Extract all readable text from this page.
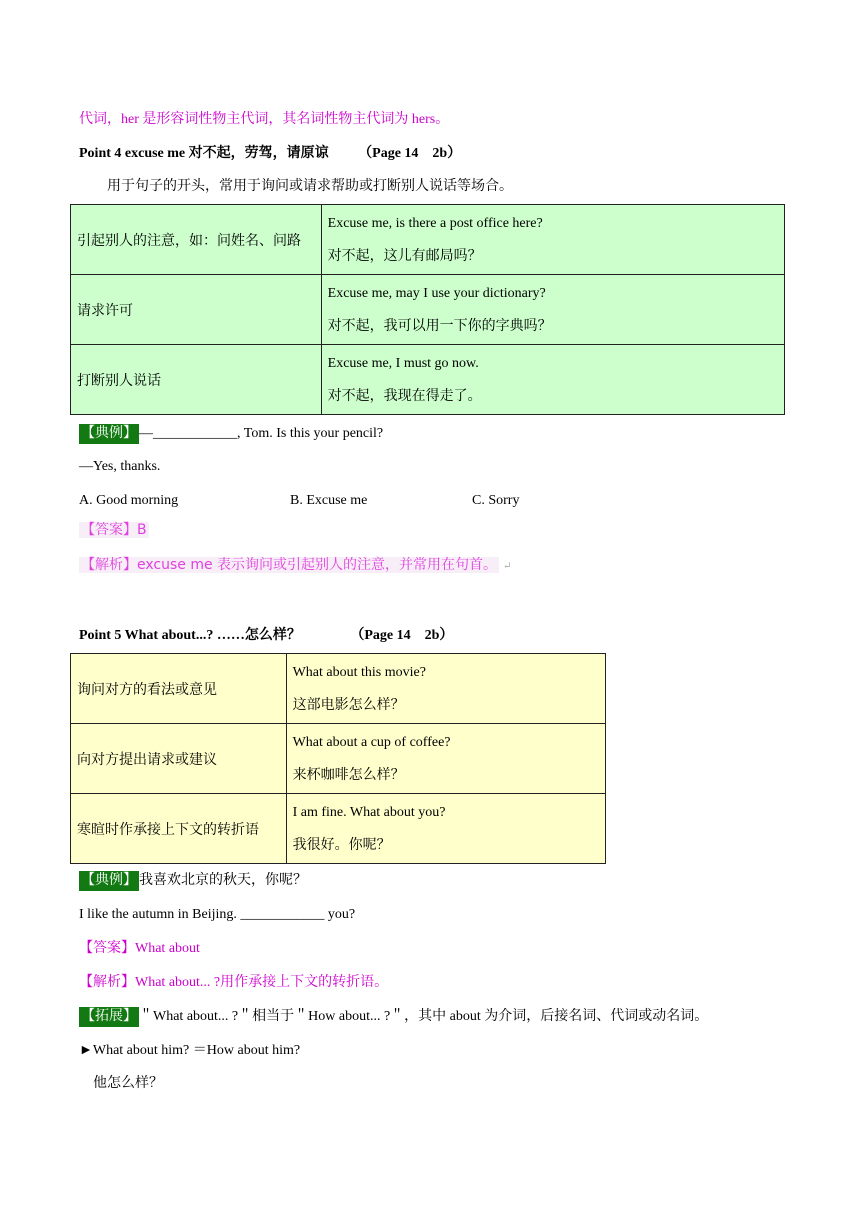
代词，her 是形容词性物主代词，其名词性物主代词为 hers。
Point 4 excuse me 对不起，劳驾，请原谅 （Page 14　2b）
用于句子的开头，常用于询问或请求帮助或打断别人说话等场合。
引起别人的注意，如：问姓名、问路	Excuse me, is there a post office here?
对不起，这儿有邮局吗？

请求许可	Excuse me, may I use your dictionary?
对不起，我可以用一下你的字典吗？

打断别人说话	Excuse me, I must go now.
对不起，我现在得走了。
【典例】 —____________, Tom. Is this your pencil?
—Yes, thanks.
A. Good morning	B. Excuse me	C. Sorry
【答案】B
【解析】excuse me 表示询问或引起别人的注意，并常用在句首。 ↵
Point 5 What about...? ……怎么样？	（Page 14　2b）
询问对方的看法或意见	What about this movie?
这部电影怎么样？

向对方提出请求或建议	What about a cup of coffee?
来杯咖啡怎么样？

寒暄时作承接上下文的转折语	I am fine. What about you?
我很好。你呢？
【典例】 我喜欢北京的秋天，你呢？
I like the autumn in Beijing. ____________ you?
【答案】What about
【解析】What about... ?用作承接上下文的转折语。
【拓展】 ＂What about... ?＂相当于＂How about... ?＂，其中 about 为介词，后接名词、代词或动名词。
►What about him? ＝How about him?
他怎么样？
